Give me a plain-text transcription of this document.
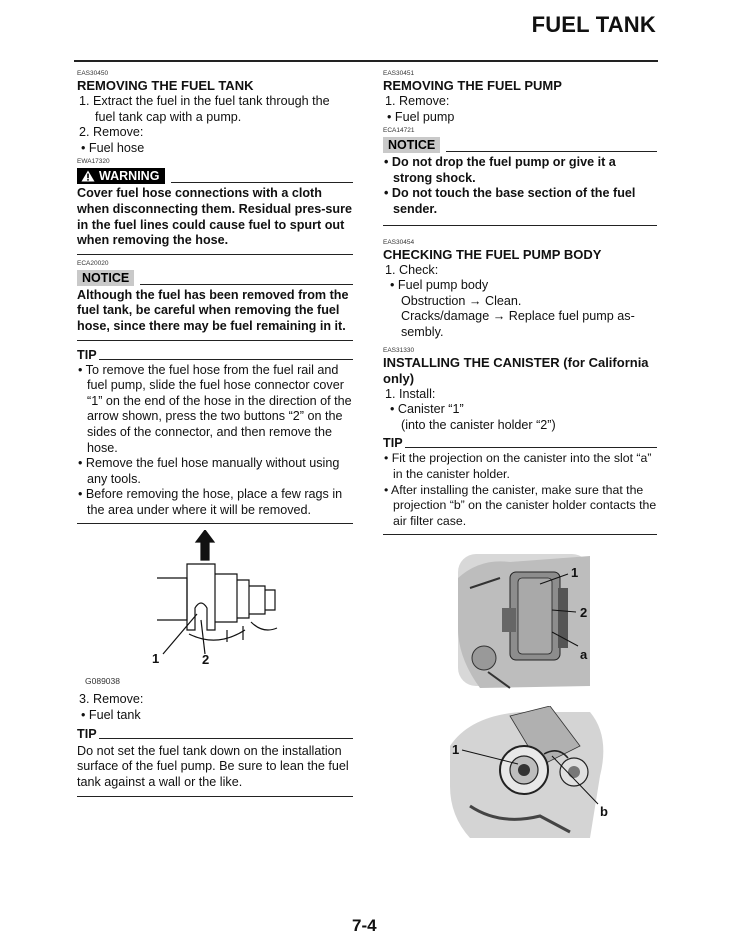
FUEL TANK
EAS30450
REMOVING THE FUEL TANK
1. Extract the fuel in the fuel tank through the fuel tank cap with a pump.
2. Remove:
• Fuel hose
EWA17320
WARNING
Cover fuel hose connections with a cloth when disconnecting them. Residual pres-sure in the fuel lines could cause fuel to spurt out when removing the hose.
ECA20020
NOTICE
Although the fuel has been removed from the fuel tank, be careful when removing the fuel hose, since there may be fuel remaining in it.
TIP
• To remove the fuel hose from the fuel rail and fuel pump, slide the fuel hose connector cover “1” on the end of the hose in the direction of the arrow shown, press the two buttons “2” on the sides of the connector, and then remove the hose.
• Remove the fuel hose manually without using any tools.
• Before removing the hose, place a few rags in the area under where it will be removed.
1	2
G089038
3. Remove:
• Fuel tank
TIP
Do not set the fuel tank down on the installation surface of the fuel pump. Be sure to lean the fuel tank against a wall or the like.
EAS30451
REMOVING THE FUEL PUMP
1. Remove:
• Fuel pump
ECA14721
NOTICE
• Do not drop the fuel pump or give it a strong shock.
• Do not touch the base section of the fuel sender.
EAS30454
CHECKING THE FUEL PUMP BODY
1. Check:
• Fuel pump body
Obstruction → Clean.
Cracks/damage → Replace fuel pump as-sembly.
EAS31330
INSTALLING THE CANISTER (for California only)
1. Install:
• Canister “1”
(into the canister holder “2”)
TIP
• Fit the projection on the canister into the slot “a” in the canister holder.
• After installing the canister, make sure that the projection “b” on the canister holder contacts the air filter case.
1
2
a
1
b
7-4
